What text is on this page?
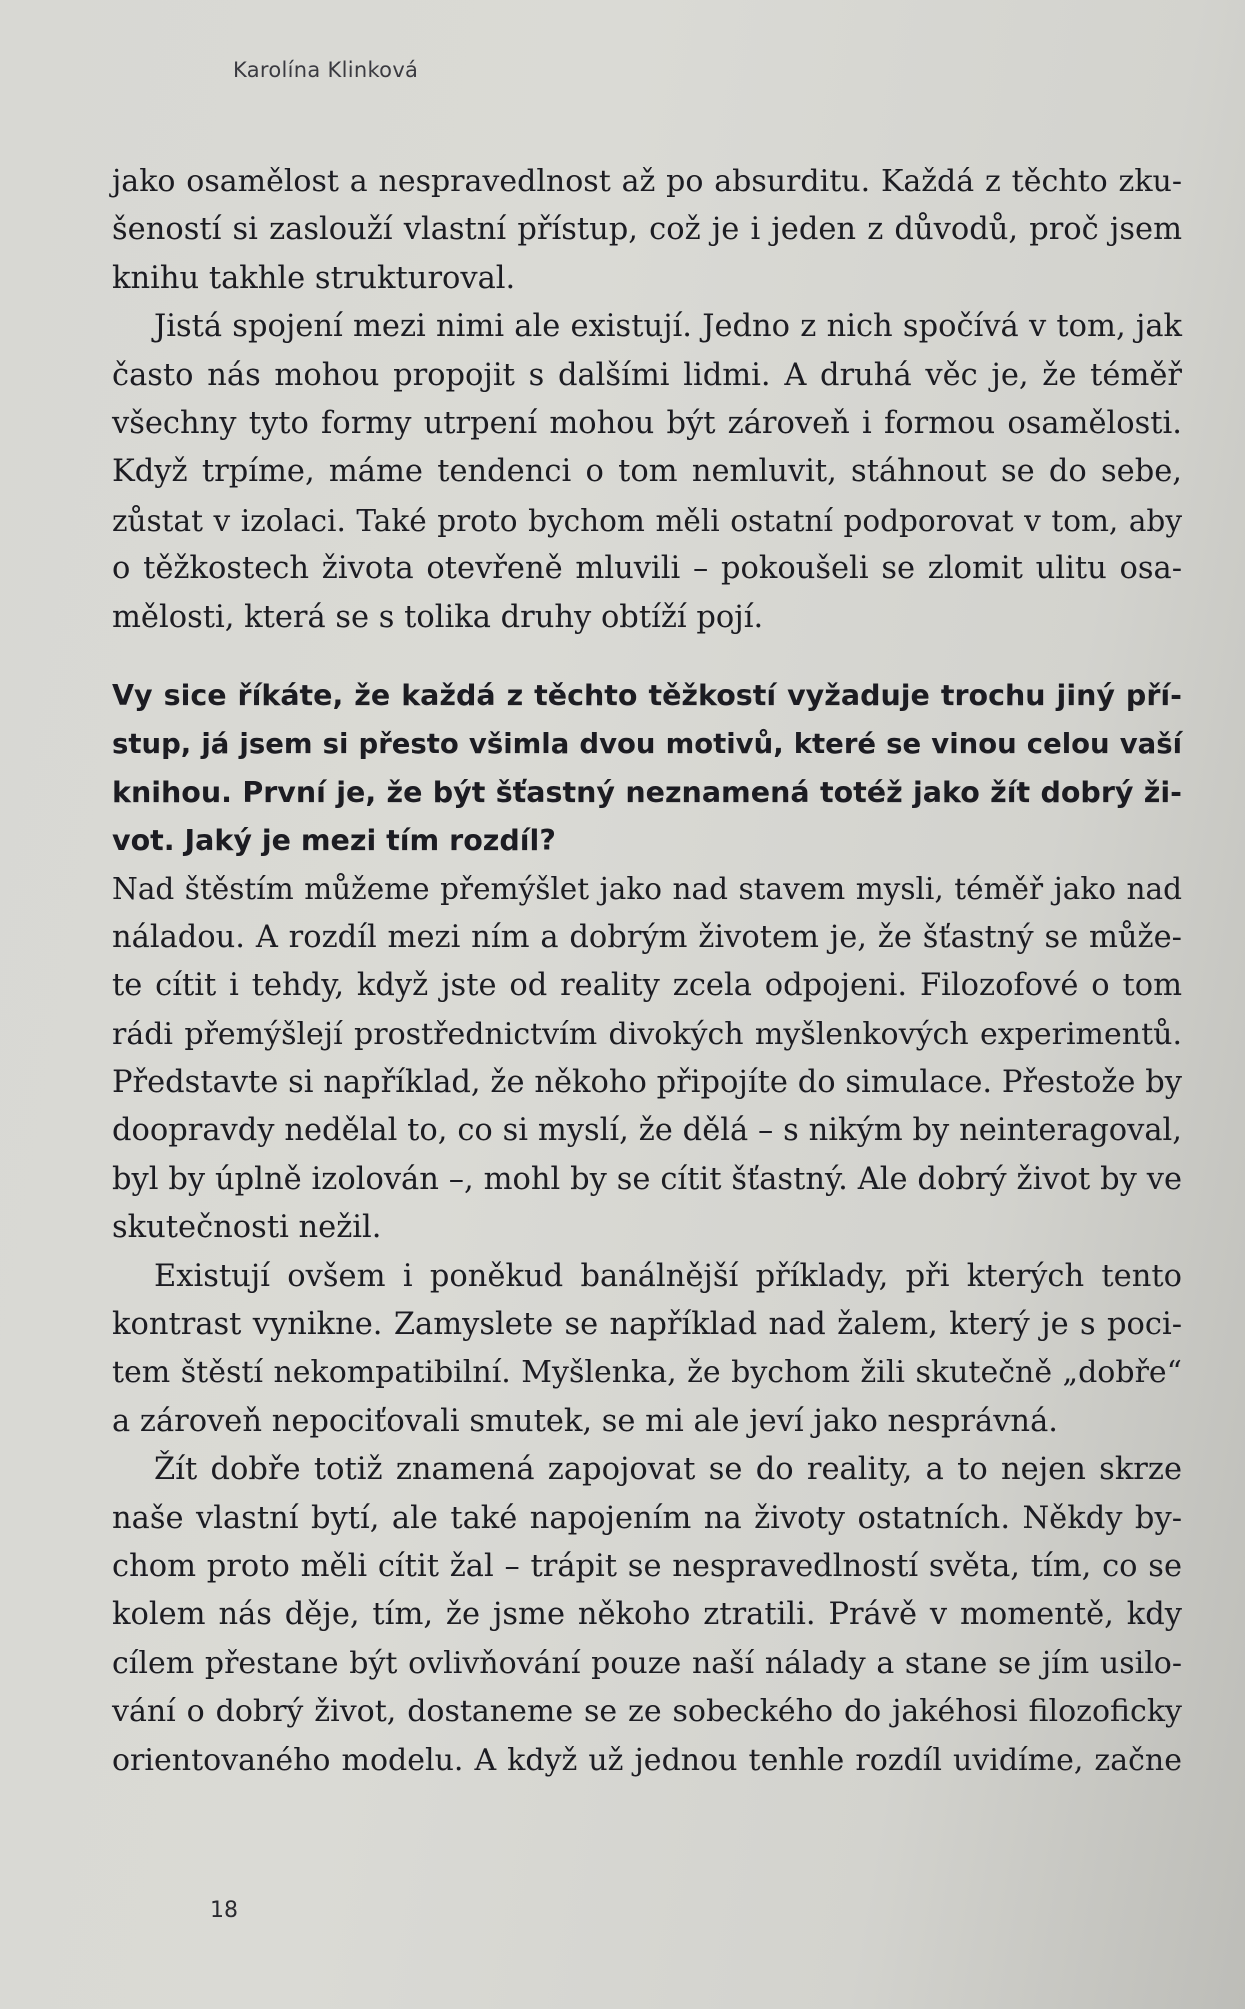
Karolína Klinková
jako osamělost a nespravedlnost až po absurditu. Každá z těchto zku-
šeností si zaslouží vlastní přístup, což je i jeden z důvodů, proč jsem
knihu takhle strukturoval.
Jistá spojení mezi nimi ale existují. Jedno z nich spočívá v tom, jak
často nás mohou propojit s dalšími lidmi. A druhá věc je, že téměř
všechny tyto formy utrpení mohou být zároveň i formou osamělosti.
Když trpíme, máme tendenci o tom nemluvit, stáhnout se do sebe,
zůstat v izolaci. Také proto bychom měli ostatní podporovat v tom, aby
o těžkostech života otevřeně mluvili – pokoušeli se zlomit ulitu osa-
mělosti, která se s tolika druhy obtíží pojí.
Vy sice říkáte, že každá z těchto těžkostí vyžaduje trochu jiný pří-
stup, já jsem si přesto všimla dvou motivů, které se vinou celou vaší
knihou. První je, že být šťastný neznamená totéž jako žít dobrý ži-
vot. Jaký je mezi tím rozdíl?
Nad štěstím můžeme přemýšlet jako nad stavem mysli, téměř jako nad
náladou. A rozdíl mezi ním a dobrým životem je, že šťastný se může-
te cítit i tehdy, když jste od reality zcela odpojeni. Filozofové o tom
rádi přemýšlejí prostřednictvím divokých myšlenkových experimentů.
Představte si například, že někoho připojíte do simulace. Přestože by
doopravdy nedělal to, co si myslí, že dělá – s nikým by neinteragoval,
byl by úplně izolován –, mohl by se cítit šťastný. Ale dobrý život by ve
skutečnosti nežil.
Existují ovšem i poněkud banálnější příklady, při kterých tento
kontrast vynikne. Zamyslete se například nad žalem, který je s poci-
tem štěstí nekompatibilní. Myšlenka, že bychom žili skutečně „dobře“
a zároveň nepociťovali smutek, se mi ale jeví jako nesprávná.
Žít dobře totiž znamená zapojovat se do reality, a to nejen skrze
naše vlastní bytí, ale také napojením na životy ostatních. Někdy by-
chom proto měli cítit žal – trápit se nespravedlností světa, tím, co se
kolem nás děje, tím, že jsme někoho ztratili. Právě v momentě, kdy
cílem přestane být ovlivňování pouze naší nálady a stane se jím usilo-
vání o dobrý život, dostaneme se ze sobeckého do jakéhosi filozoficky
orientovaného modelu. A když už jednou tenhle rozdíl uvidíme, začne
18
